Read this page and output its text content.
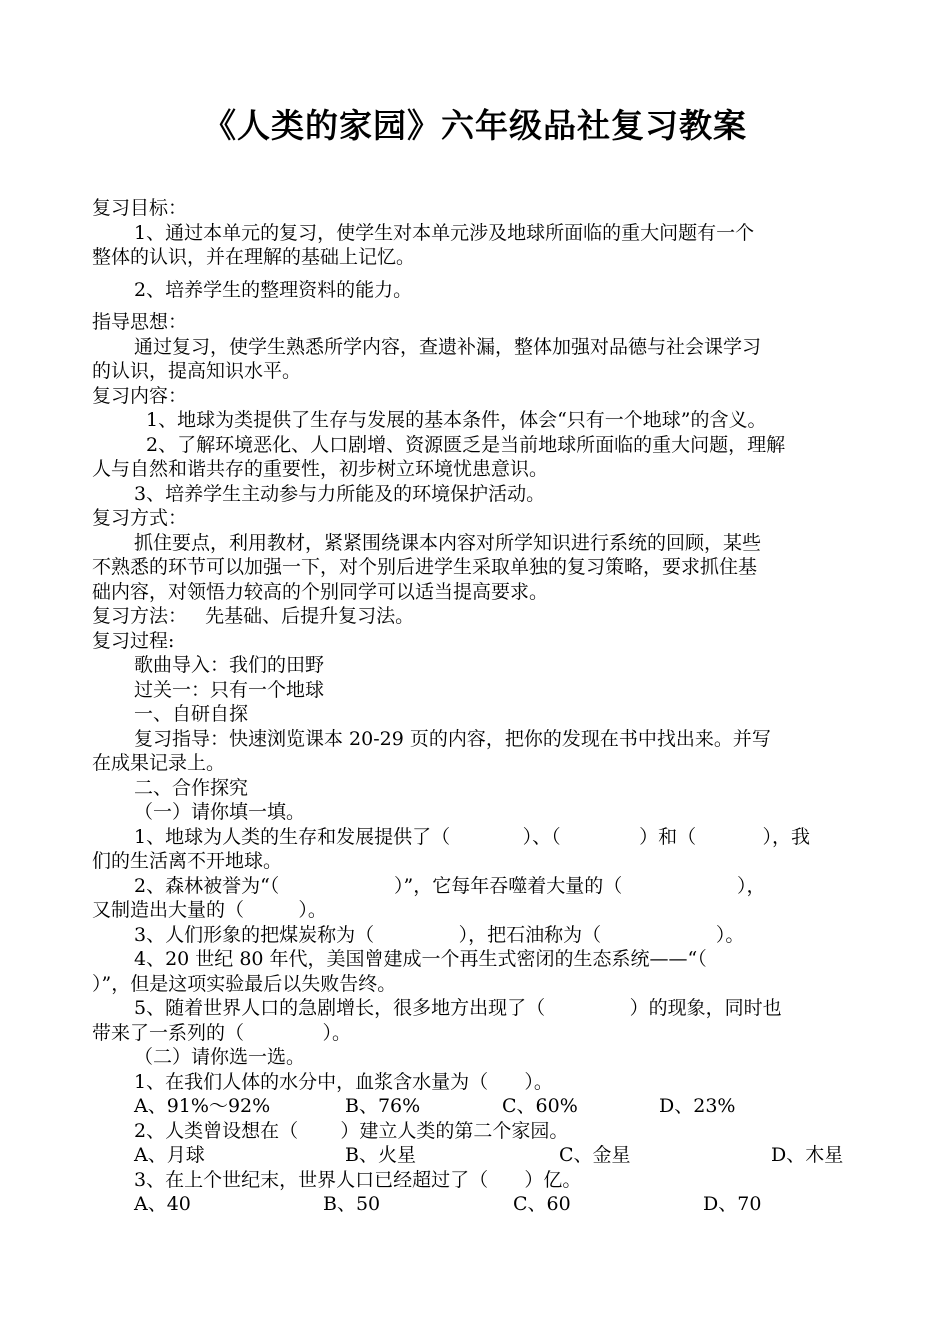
《人类的家园》六年级品社复习教案

复习目标：

1、通过本单元的复习，使学生对本单元涉及地球所面临的重大问题有一个

整体的认识，并在理解的基础上记忆。

2、培养学生的整理资料的能力。

指导思想：

通过复习，使学生熟悉所学内容，查遗补漏，整体加强对品德与社会课学习

的认识，提高知识水平。

复习内容：

1、地球为类提供了生存与发展的基本条件，体会“只有一个地球”的含义。

2、了解环境恶化、人口剧增、资源匮乏是当前地球所面临的重大问题，理解

人与自然和谐共存的重要性，初步树立环境忧患意识。

3、培养学生主动参与力所能及的环境保护活动。

复习方式：

抓住要点，利用教材，紧紧围绕课本内容对所学知识进行系统的回顾，某些

不熟悉的环节可以加强一下，对个别后进学生采取单独的复习策略，要求抓住基

础内容，对领悟力较高的个别同学可以适当提高要求。

复习方法：   先基础、后提升复习法。

复习过程:

歌曲导入：我们的田野

过关一：只有一个地球

一、自研自探

复习指导：快速浏览课本 20-29 页的内容，把你的发现在书中找出来。并写

在成果记录上。

二、合作探究

（一）请你填一填。

1、地球为人类的生存和发展提供了（            ）、（             ）和（           ），我

们的生活离不开地球。

2、森林被誉为“（                   ）”，它每年吞噬着大量的（                   ），

又制造出大量的（         ）。

3、人们形象的把煤炭称为（              ），把石油称为（                   ）。

4、20 世纪 80 年代，美国曾建成一个再生式密闭的生态系统——“（

）”，但是这项实验最后以失败告终。

5、随着世界人口的急剧增长，很多地方出现了（              ）的现象，同时也

带来了一系列的（             ）。

（二）请你选一选。

1、在我们人体的水分中，血浆含水量为（      ）。

A、91%～92%	B、76%	C、60%	D、23%

2、人类曾设想在（       ）建立人类的第二个家园。

A、月球	B、火星	C、金星	D、木星

3、在上个世纪末，世界人口已经超过了（      ）亿。

A、40	B、50	C、60	D、70
